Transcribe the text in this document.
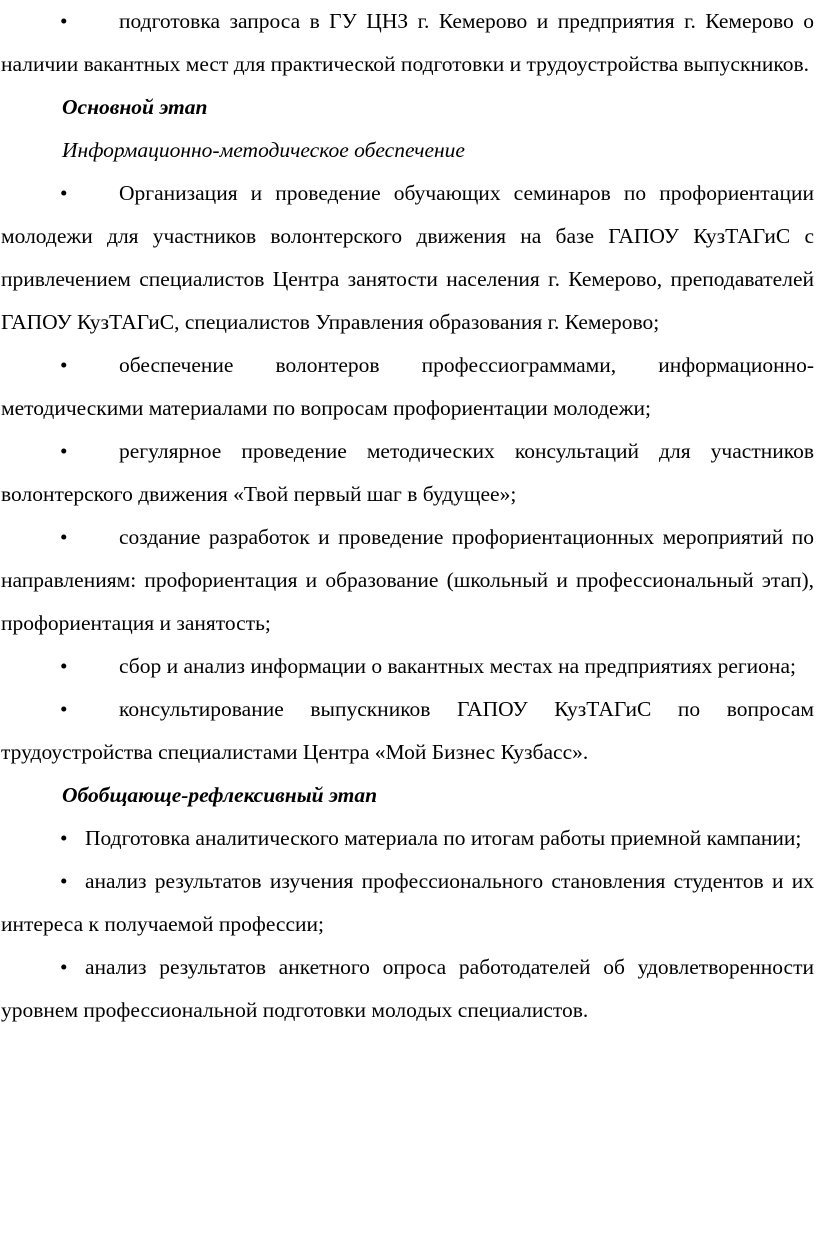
• подготовка запроса в ГУ ЦНЗ г. Кемерово и предприятия г. Кемерово о наличии вакантных мест для практической подготовки и трудоустройства выпускников.

Основной этап

Информационно-методическое обеспечение

• Организация и проведение обучающих семинаров по профориентации молодежи для участников волонтерского движения на базе ГАПОУ КузТАГиС с привлечением специалистов Центра занятости населения г. Кемерово, преподавателей ГАПОУ КузТАГиС, специалистов Управления образования г. Кемерово;

• обеспечение волонтеров профессиограммами, информационно-методическими материалами по вопросам профориентации молодежи;

• регулярное проведение методических консультаций для участников волонтерского движения «Твой первый шаг в будущее»;

• создание разработок и проведение профориентационных мероприятий по направлениям: профориентация и образование (школьный и профессиональный этап), профориентация и занятость;

• сбор и анализ информации о вакантных местах на предприятиях региона;

• консультирование выпускников ГАПОУ КузТАГиС по вопросам трудоустройства специалистами Центра «Мой Бизнес Кузбасс».

Обобщающе-рефлексивный этап

• Подготовка аналитического материала по итогам работы приемной кампании;

• анализ результатов изучения профессионального становления студентов и их интереса к получаемой профессии;

• анализ результатов анкетного опроса работодателей об удовлетворенности уровнем профессиональной подготовки молодых специалистов.
